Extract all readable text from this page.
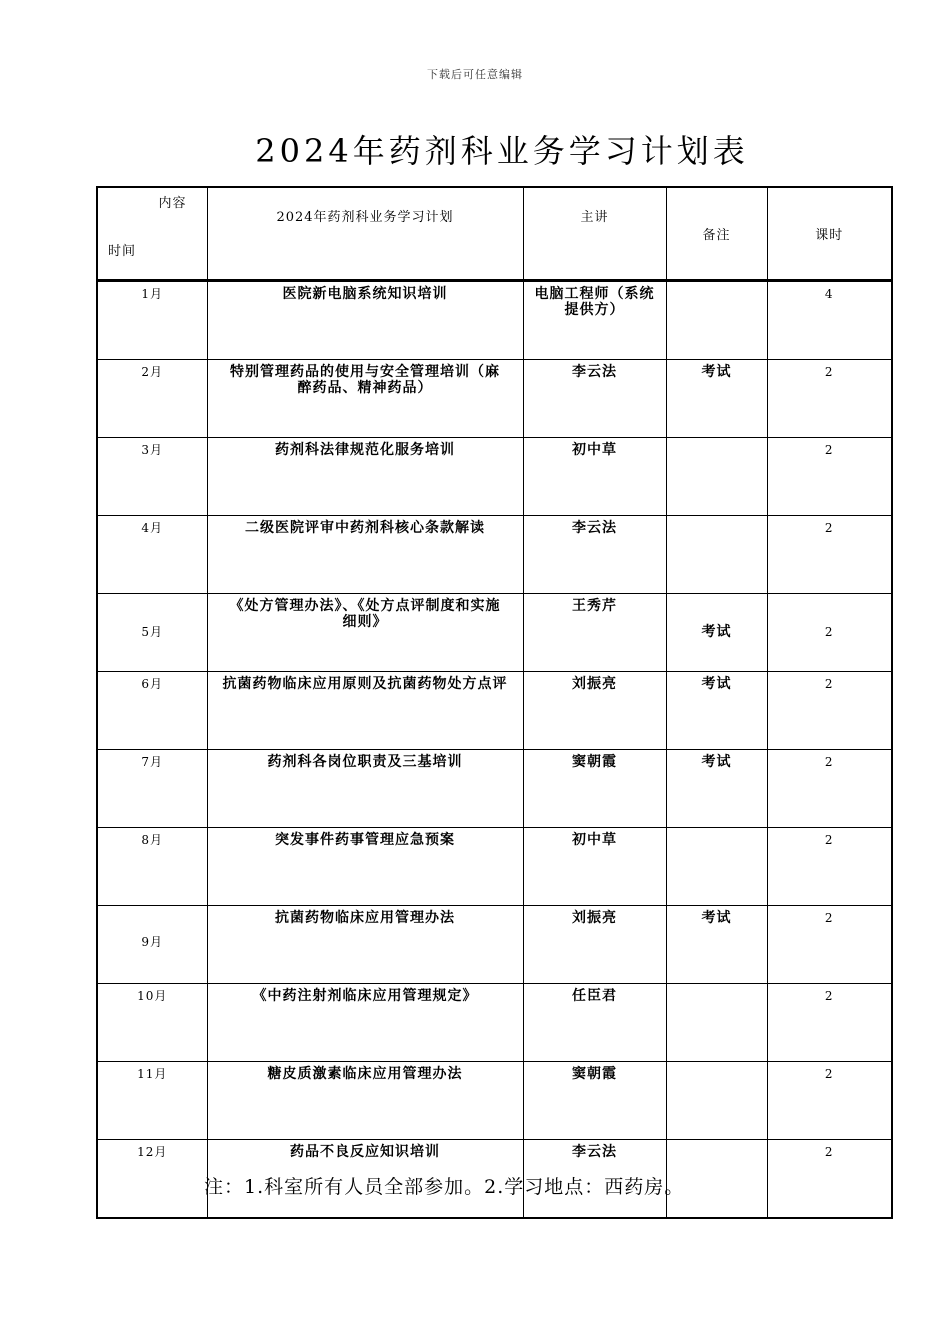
下载后可任意编辑
2024年药剂科业务学习计划表
内容
时间	2024年药剂科业务学习计划	主讲	备注	课时
1月	医院新电脑系统知识培训	电脑工程师（系统提供方）		4
2月	特别管理药品的使用与安全管理培训（麻醉药品、精神药品）	李云法	考试	2
3月	药剂科法律规范化服务培训	初中草		2
4月	二级医院评审中药剂科核心条款解读	李云法		2

5月	《处方管理办法》、《处方点评制度和实施细则》	王秀芹	考试	2

6月	抗菌药物临床应用原则及抗菌药物处方点评	刘振亮	考试	2
7月	药剂科各岗位职责及三基培训	窦朝霞	考试	2
8月	突发事件药事管理应急预案	初中草		2

9月	抗菌药物临床应用管理办法	刘振亮	考试	2
10月	《中药注射剂临床应用管理规定》	任臣君		2
11月	糖皮质激素临床应用管理办法	窦朝霞		2
12月	药品不良反应知识培训	李云法		2
注：1.科室所有人员全部参加。2.学习地点：西药房。
